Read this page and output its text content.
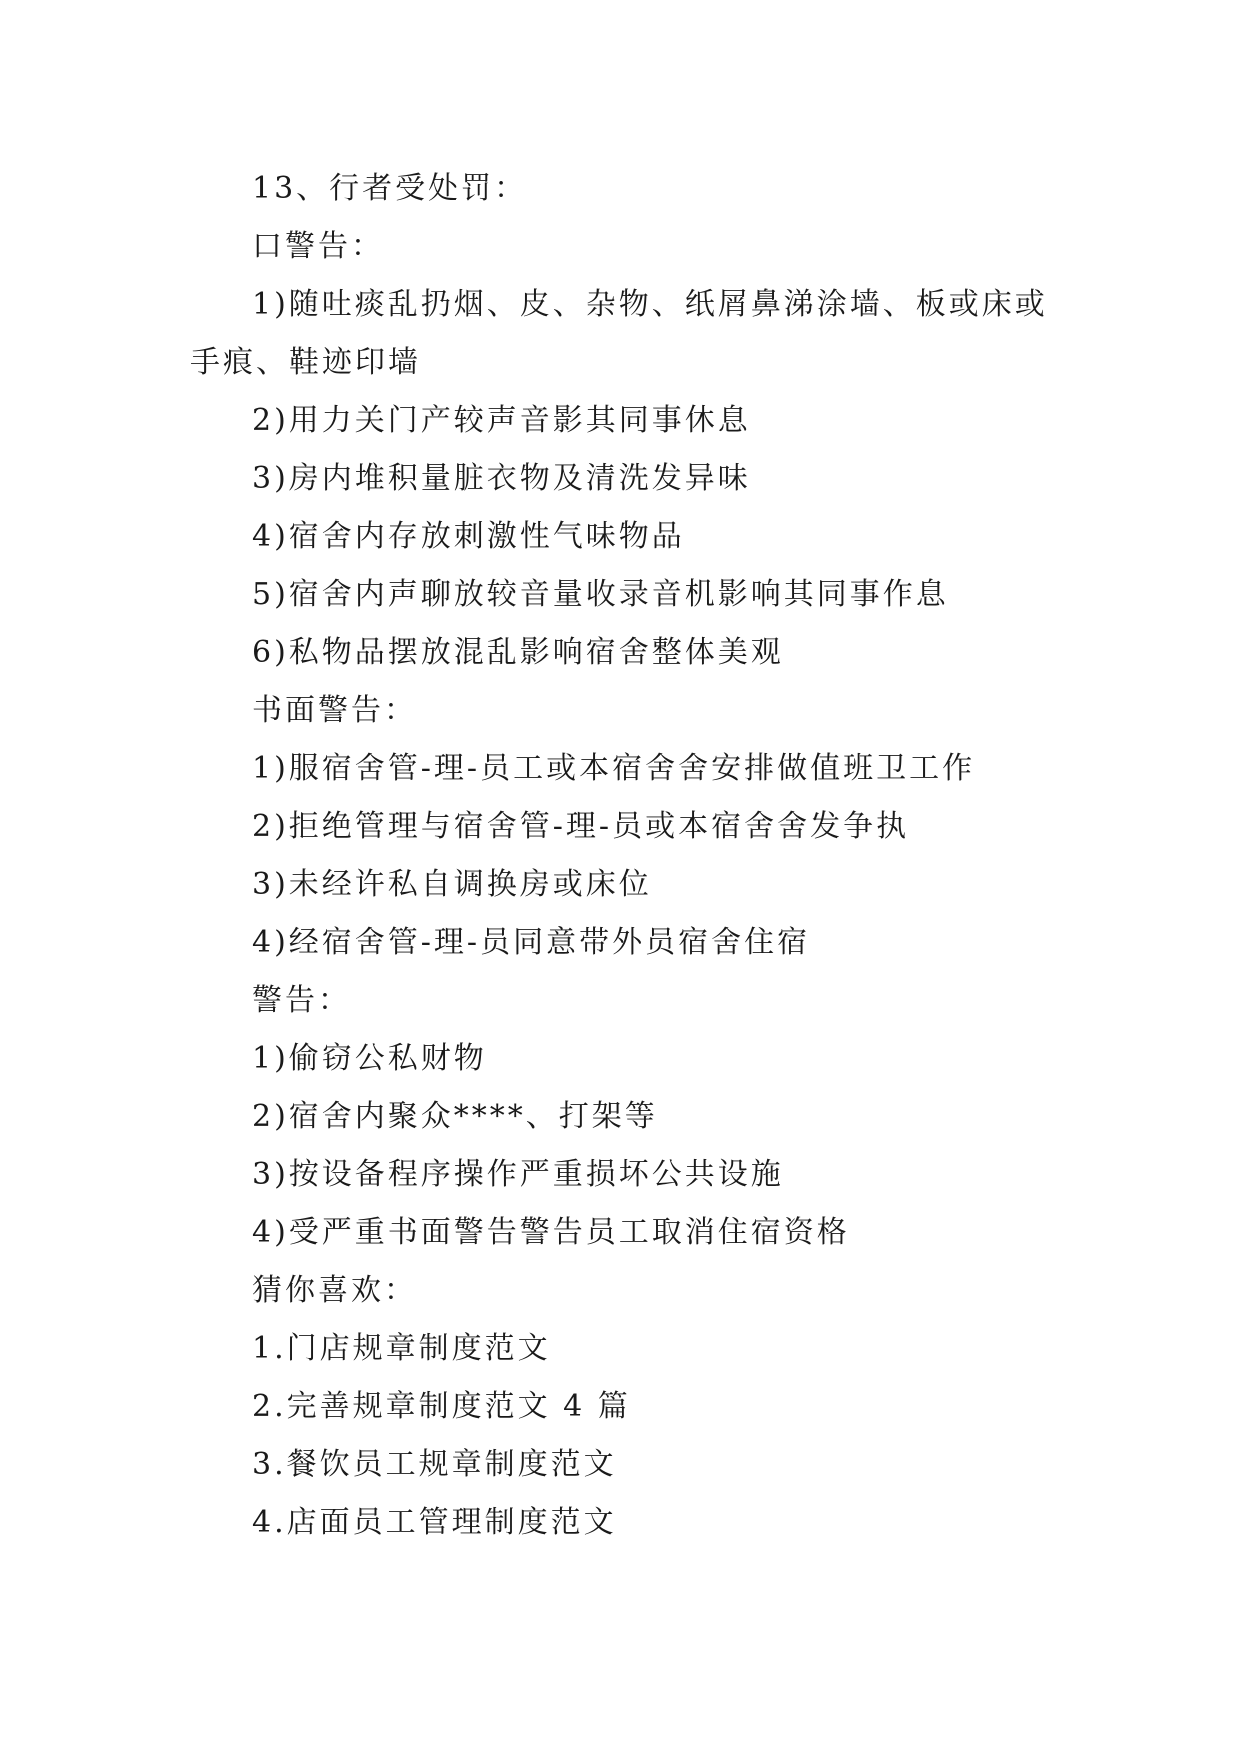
13、行者受处罚：
口警告：
1)随吐痰乱扔烟、皮、杂物、纸屑鼻涕涂墙、板或床或手痕、鞋迹印墙
2)用力关门产较声音影其同事休息
3)房内堆积量脏衣物及清洗发异味
4)宿舍内存放刺激性气味物品
5)宿舍内声聊放较音量收录音机影响其同事作息
6)私物品摆放混乱影响宿舍整体美观
书面警告：
1)服宿舍管-理-员工或本宿舍舍安排做值班卫工作
2)拒绝管理与宿舍管-理-员或本宿舍舍发争执
3)未经许私自调换房或床位
4)经宿舍管-理-员同意带外员宿舍住宿
警告：
1)偷窃公私财物
2)宿舍内聚众****、打架等
3)按设备程序操作严重损坏公共设施
4)受严重书面警告警告员工取消住宿资格
猜你喜欢：
1.门店规章制度范文
2.完善规章制度范文 4 篇
3.餐饮员工规章制度范文
4.店面员工管理制度范文
